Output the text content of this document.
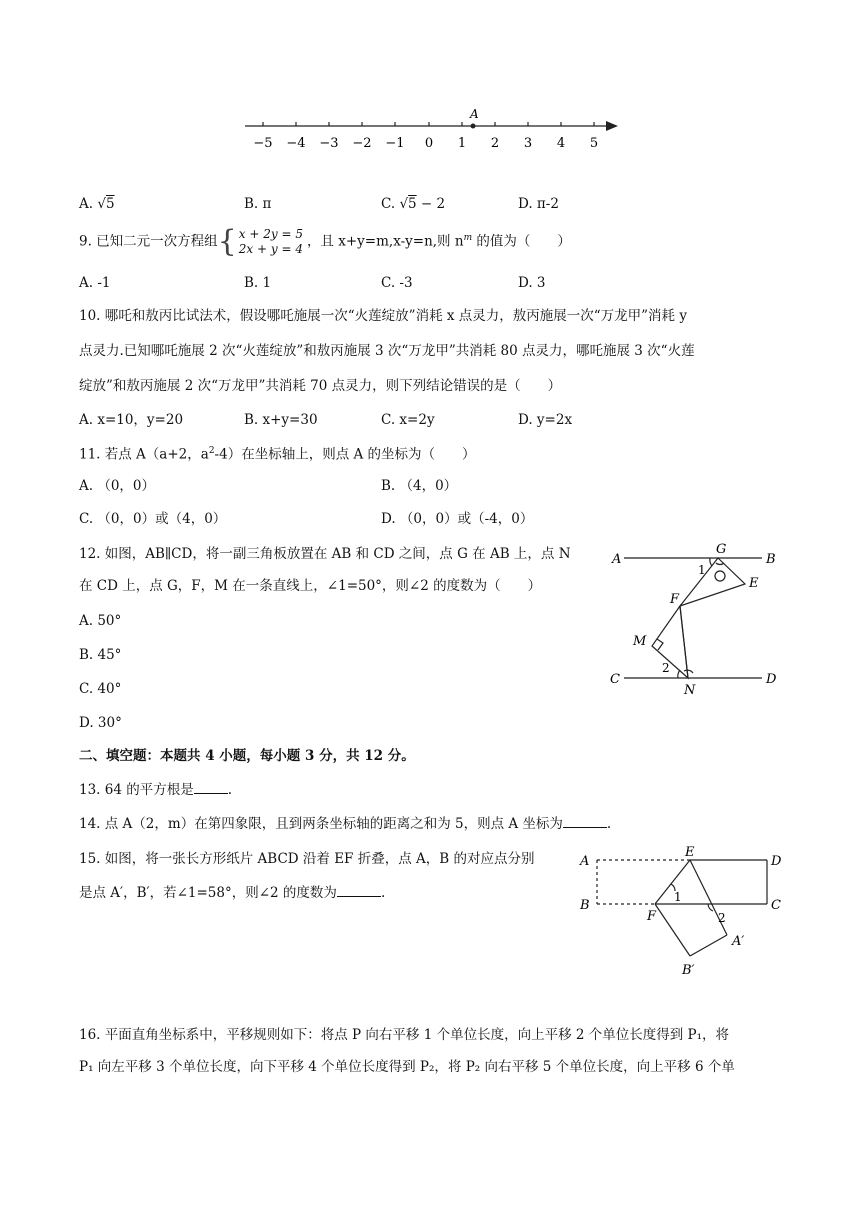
A
−5 −4 −3 −2 −1 0 1 2 3 4 5
A. √5	B. π	C. √5 − 2	D. π-2
9. 已知二元一次方程组{ x + 2y = 5
2x + y = 4 ，且 x+y=m,x-y=n,则 $n^m$ 的值为（　　）
A. -1	B. 1	C. -3	D. 3
10. 哪吒和敖丙比试法术，假设哪吒施展一次“火莲绽放”消耗 x 点灵力，敖丙施展一次“万龙甲”消耗 y
点灵力.已知哪吒施展 2 次“火莲绽放”和敖丙施展 3 次“万龙甲”共消耗 80 点灵力，哪吒施展 3 次“火莲
绽放”和敖丙施展 2 次“万龙甲”共消耗 70 点灵力，则下列结论错误的是（　　）
A. x=10，y=20	B. x+y=30	C. x=2y	D. y=2x
11. 若点 A（a+2，$a^2-4$）在坐标轴上，则点 A 的坐标为（　　）
A. （0，0）	B. （4，0）
C. （0，0）或（4，0）	D. （0，0）或（-4，0）
12. 如图，AB∥CD，将一副三角板放置在 AB 和 CD 之间，点 G 在 AB 上，点 N
在 CD 上，点 G，F，M 在一条直线上，∠1=50°，则∠2 的度数为（　　）
A. 50°
B. 45°
C. 40°
D. 30°
A	B
C	D
G
E
F
M
N
1
2
二、填空题：本题共 4 小题，每小题 3 分，共 12 分。
13. 64 的平方根是	.
14. 点 A（2，m）在第四象限，且到两条坐标轴的距离之和为 5，则点 A 坐标为	.
15. 如图，将一张长方形纸片 ABCD 沿着 EF 折叠，点 A，B 的对应点分别
是点 A′，B′，若∠1=58°，则∠2 的度数为	.
A
B	C
D
E
F
A′
B′
1
2
16. 平面直角坐标系中，平移规则如下：将点 P 向右平移 1 个单位长度，向上平移 2 个单位长度得到 P₁，将
P₁ 向左平移 3 个单位长度，向下平移 4 个单位长度得到 P₂，将 P₂ 向右平移 5 个单位长度，向上平移 6 个单
